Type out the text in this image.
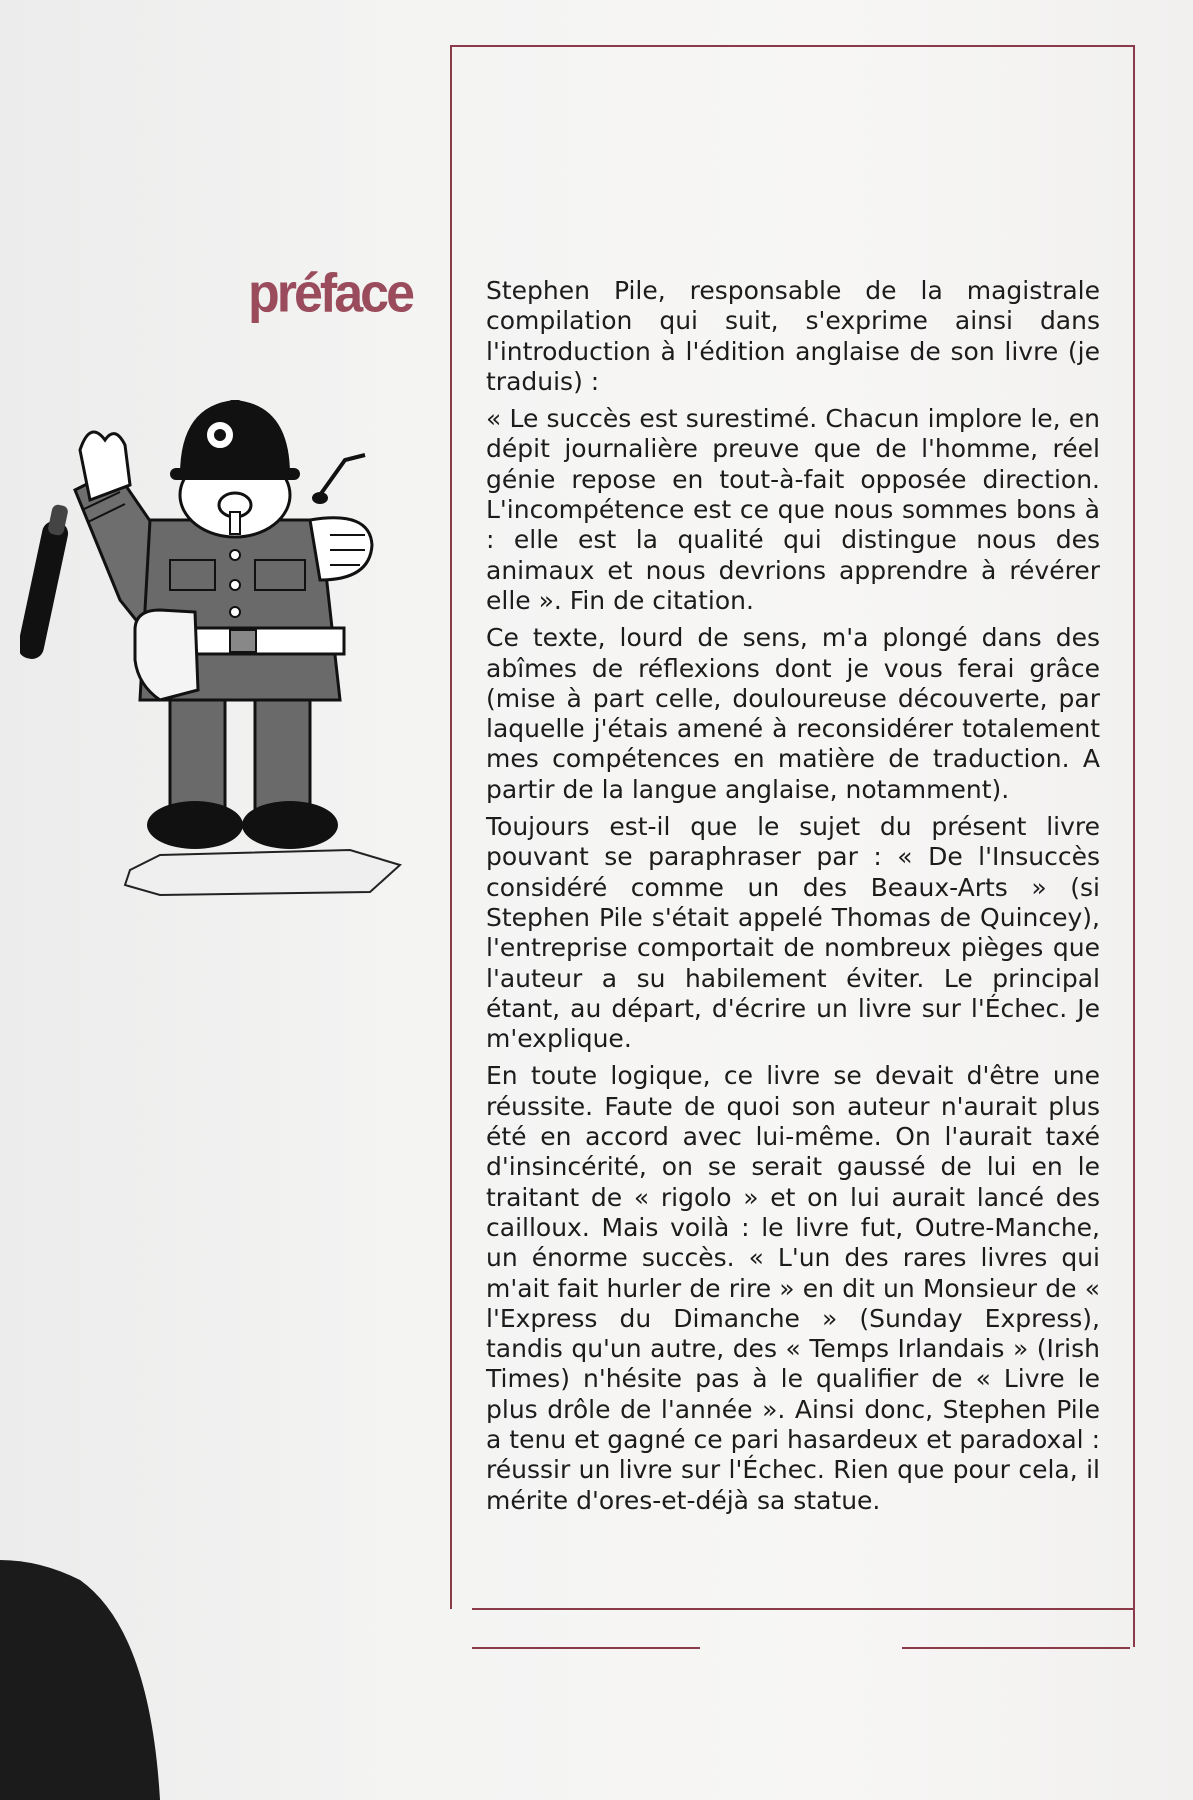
préface	Stephen Pile, responsable de la magistrale compilation qui suit, s'exprime ainsi dans l'introduction à l'édition anglaise de son livre (je traduis) :

« Le succès est surestimé. Chacun implore le, en dépit journalière preuve que de l'homme, réel génie repose en tout-à-fait opposée direction. L'incompétence est ce que nous sommes bons à : elle est la qualité qui distingue nous des animaux et nous devrions apprendre à révérer elle ». Fin de citation.

Ce texte, lourd de sens, m'a plongé dans des abîmes de réflexions dont je vous ferai grâce (mise à part celle, douloureuse découverte, par laquelle j'étais amené à reconsidérer totalement mes compétences en matière de traduction. A partir de la langue anglaise, notamment).

Toujours est-il que le sujet du présent livre pouvant se paraphraser par : « De l'Insuccès considéré comme un des Beaux-Arts » (si Stephen Pile s'était appelé Thomas de Quincey), l'entreprise comportait de nombreux pièges que l'auteur a su habilement éviter. Le principal étant, au départ, d'écrire un livre sur l'Échec. Je m'explique.

En toute logique, ce livre se devait d'être une réussite. Faute de quoi son auteur n'aurait plus été en accord avec lui-même. On l'aurait taxé d'insincérité, on se serait gaussé de lui en le traitant de « rigolo » et on lui aurait lancé des cailloux. Mais voilà : le livre fut, Outre-Manche, un énorme succès. « L'un des rares livres qui m'ait fait hurler de rire » en dit un Monsieur de « l'Express du Dimanche » (Sunday Express), tandis qu'un autre, des « Temps Irlandais » (Irish Times) n'hésite pas à le qualifier de « Livre le plus drôle de l'année ». Ainsi donc, Stephen Pile a tenu et gagné ce pari hasardeux et paradoxal : réussir un livre sur l'Échec. Rien que pour cela, il mérite d'ores-et-déjà sa statue.
